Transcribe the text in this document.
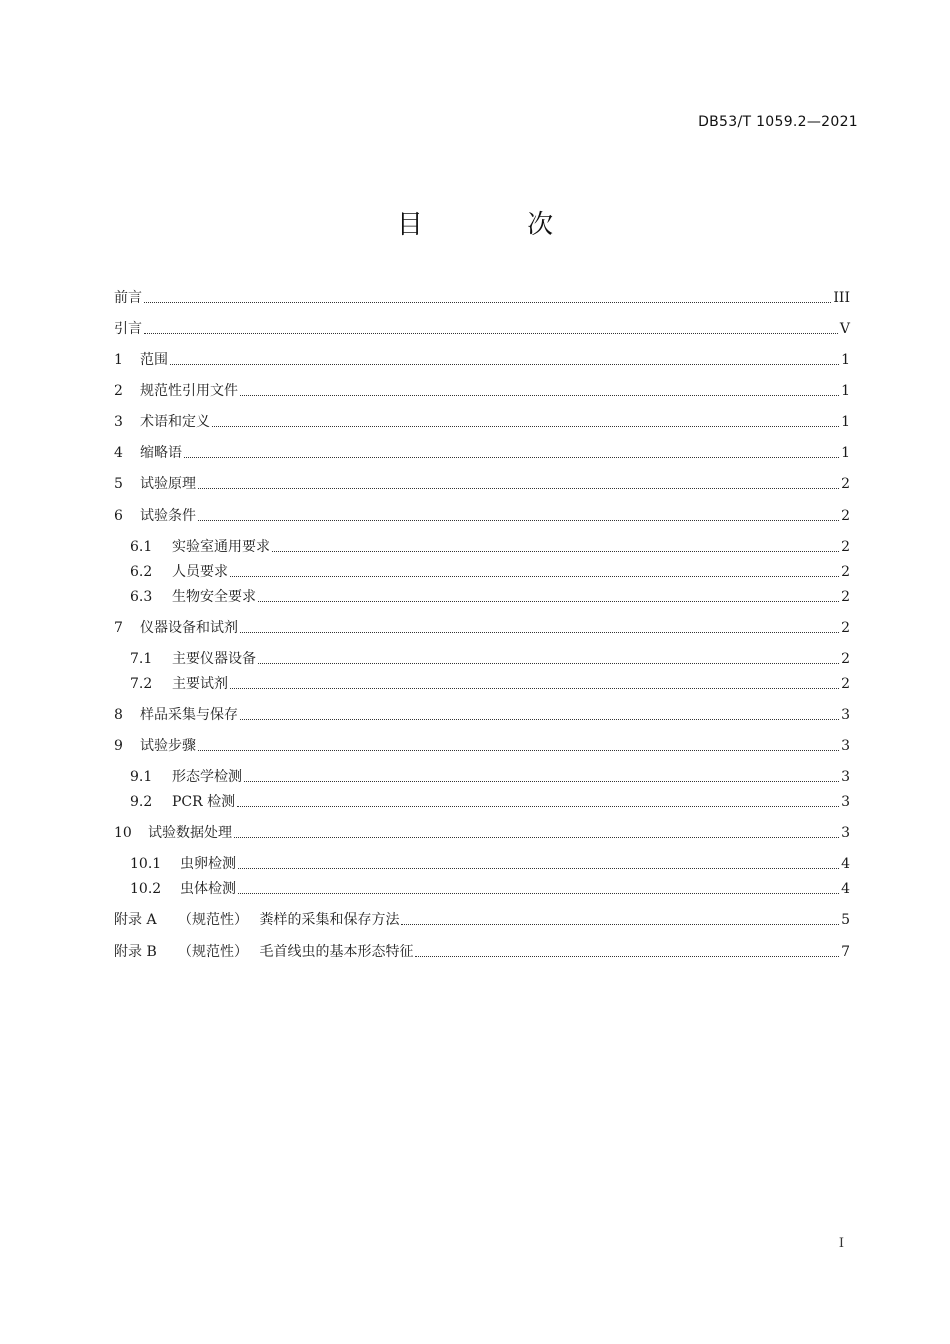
DB53/T 1059.2—2021
目 次
前言	III
引言	V
1	范围	1
2	规范性引用文件	1
3	术语和定义	1
4	缩略语	1
5	试验原理	2
6	试验条件	2
6.1	实验室通用要求	2
6.2	人员要求	2
6.3	生物安全要求	2
7	仪器设备和试剂	2
7.1	主要仪器设备	2
7.2	主要试剂	2
8	样品采集与保存	3
9	试验步骤	3
9.1	形态学检测	3
9.2	PCR 检测	3
10	试验数据处理	3
10.1	虫卵检测	4
10.2	虫体检测	4
附录 A	（规范性）　 粪样的采集和保存方法	5
附录 B	（规范性）　 毛首线虫的基本形态特征	7
I
